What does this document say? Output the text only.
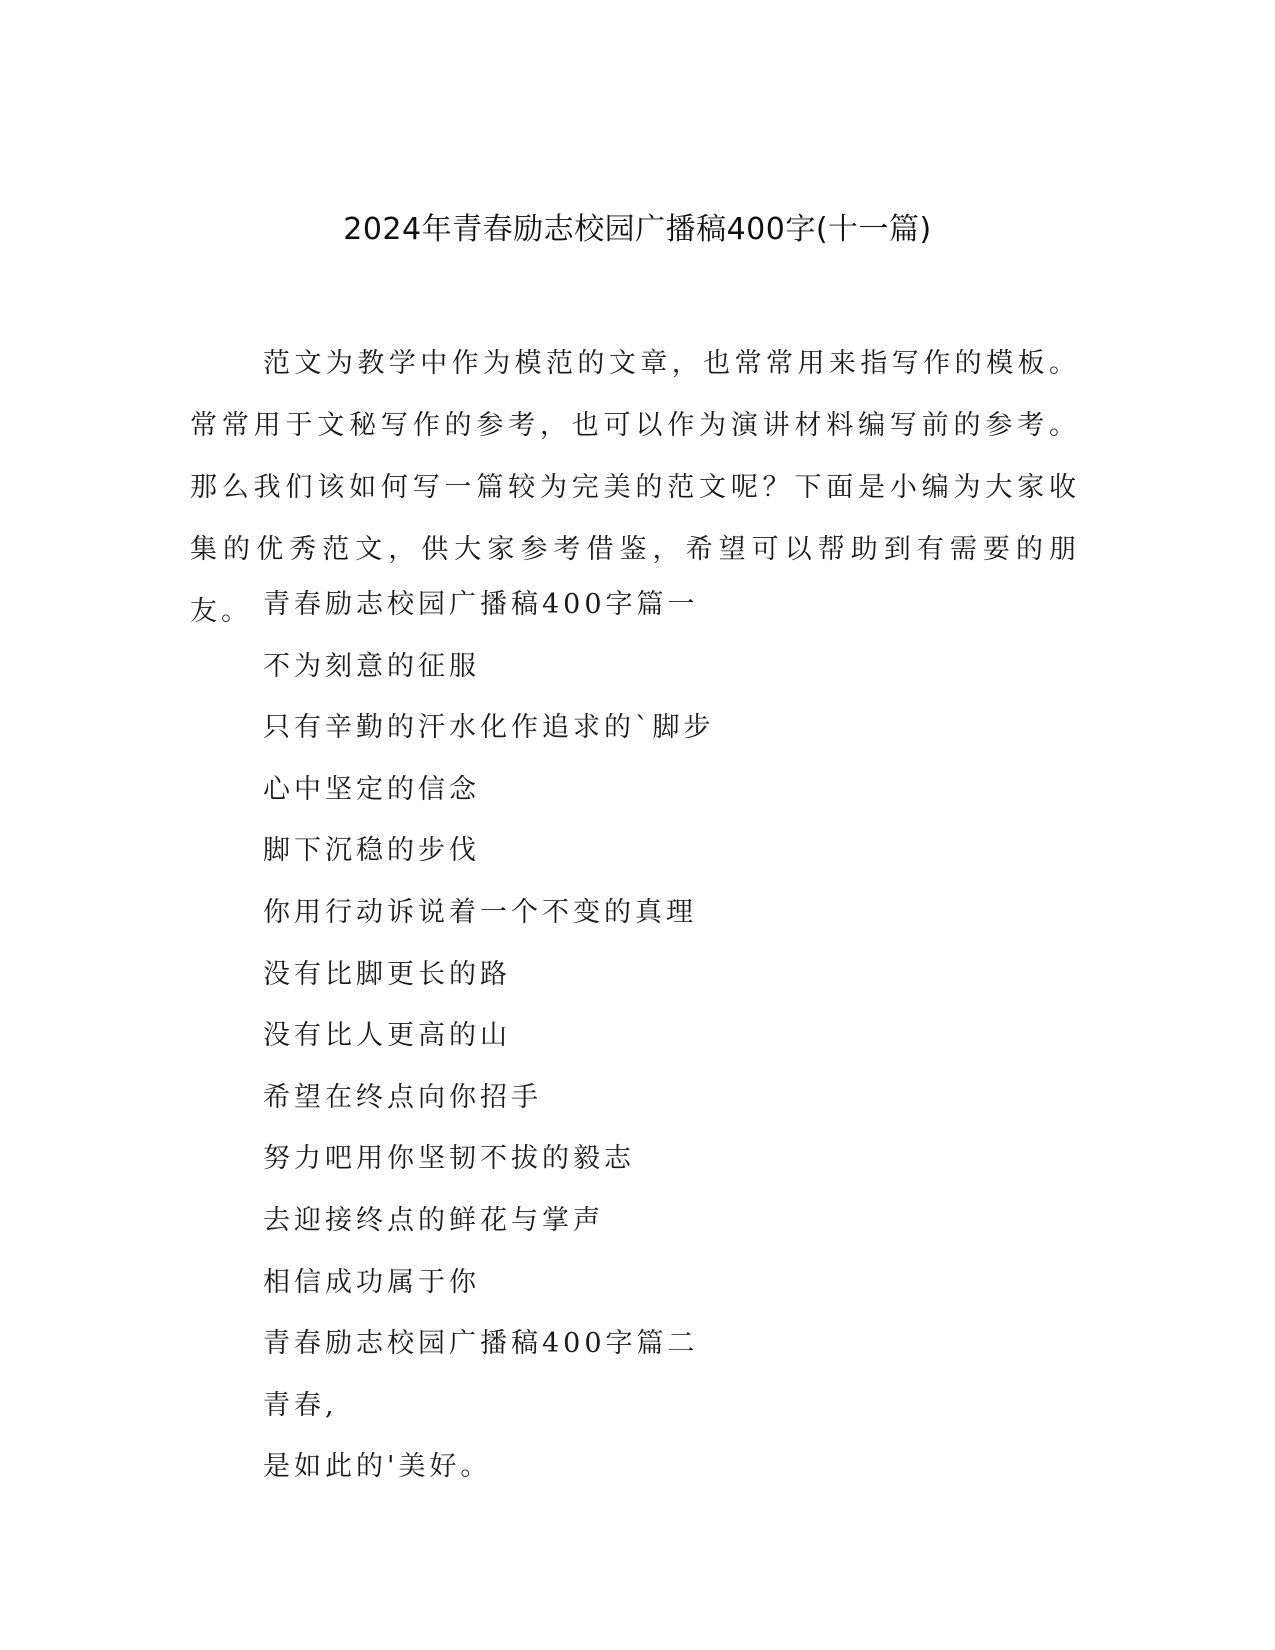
2024年青春励志校园广播稿400字(十一篇)

范文为教学中作为模范的文章，也常常用来指写作的模板。常常用于文秘写作的参考，也可以作为演讲材料编写前的参考。那么我们该如何写一篇较为完美的范文呢？下面是小编为大家收集的优秀范文，供大家参考借鉴，希望可以帮助到有需要的朋友。 青春励志校园广播稿400字篇一
不为刻意的征服
只有辛勤的汗水化作追求的`脚步
心中坚定的信念
脚下沉稳的步伐
你用行动诉说着一个不变的真理
没有比脚更长的路
没有比人更高的山
希望在终点向你招手
努力吧用你坚韧不拔的毅志
去迎接终点的鲜花与掌声
相信成功属于你
青春励志校园广播稿400字篇二
青春,
是如此的'美好。
